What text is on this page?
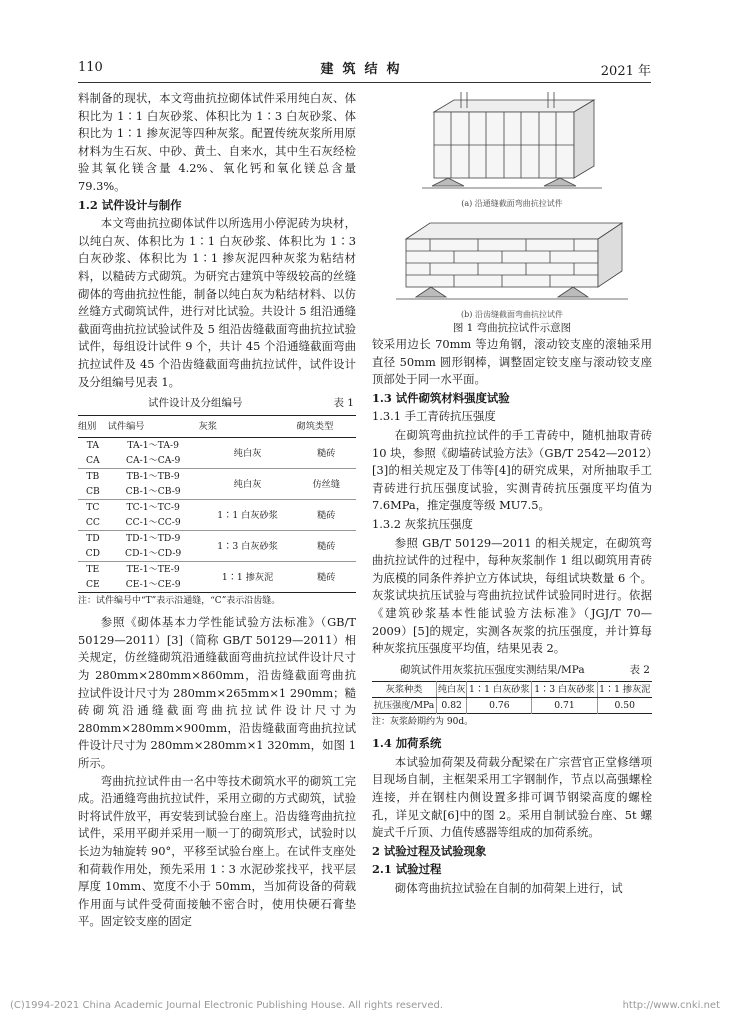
110	建筑结构	2021 年

料制备的现状，本文弯曲抗拉砌体试件采用纯白灰、体积比为 1∶1 白灰砂浆、体积比为 1∶3 白灰砂浆、体积比为 1∶1 掺灰泥等四种灰浆。配置传统灰浆所用原材料为生石灰、中砂、黄土、自来水，其中生石灰经检验其氧化镁含量 4.2%、氧化钙和氧化镁总含量 79.3%。

1.2 试件设计与制作

本文弯曲抗拉砌体试件以所选用小停泥砖为块材，以纯白灰、体积比为 1∶1 白灰砂浆、体积比为 1∶3 白灰砂浆、体积比为 1∶1 掺灰泥四种灰浆为粘结材料，以糙砖方式砌筑。为研究古建筑中等级较高的丝缝砌体的弯曲抗拉性能，制备以纯白灰为粘结材料、以仿丝缝方式砌筑试件，进行对比试验。共设计 5 组沿通缝截面弯曲抗拉试验试件及 5 组沿齿缝截面弯曲抗拉试验试件，每组设计试件 9 个，共计 45 个沿通缝截面弯曲抗拉试件及 45 个沿齿缝截面弯曲抗拉试件，试件设计及分组编号见表 1。

试件设计及分组编号	表 1
组别	试件编号	灰浆	砌筑类型
TA	TA-1～TA-9	纯白灰	糙砖
CA	CA-1～CA-9		
TB	TB-1～TB-9	纯白灰	仿丝缝
CB	CB-1～CB-9		
TC	TC-1～TC-9	1∶1 白灰砂浆	糙砖
CC	CC-1～CC-9		
TD	TD-1～TD-9	1∶3 白灰砂浆	糙砖
CD	CD-1～CD-9		
TE	TE-1～TE-9	1∶1 掺灰泥	糙砖
CE	CE-1～CE-9		

注：试件编号中“T”表示沿通缝，“C”表示沿齿缝。

参照《砌体基本力学性能试验方法标准》（GB/T 50129—2011）[3]（简称 GB/T 50129—2011）相关规定，仿丝缝砌筑沿通缝截面弯曲抗拉试件设计尺寸为 280mm×280mm×860mm，沿齿缝截面弯曲抗拉试件设计尺寸为 280mm×265mm×1 290mm；糙砖砌筑沿通缝截面弯曲抗拉试件设计尺寸为 280mm×280mm×900mm，沿齿缝截面弯曲抗拉试件设计尺寸为 280mm×280mm×1 320mm，如图 1 所示。

弯曲抗拉试件由一名中等技术砌筑水平的砌筑工完成。沿通缝弯曲抗拉试件，采用立砌的方式砌筑，试验时将试件放平，再安装到试验台座上。沿齿缝弯曲抗拉试件，采用平砌并采用一顺一丁的砌筑形式，试验时以长边为轴旋转 90°，平移至试验台座上。在试件支座处和荷载作用处，预先采用 1∶3 水泥砂浆找平，找平层厚度 10mm、宽度不小于 50mm，当加荷设备的荷载作用面与试件受荷面接触不密合时，使用快硬石膏垫平。固定铰支座的固定

(a) 沿通缝截面弯曲抗拉试件
(b) 沿齿缝截面弯曲抗拉试件
图 1 弯曲抗拉试件示意图

铰采用边长 70mm 等边角钢，滚动铰支座的滚轴采用直径 50mm 圆形钢棒，调整固定铰支座与滚动铰支座顶部处于同一水平面。

1.3 试件砌筑材料强度试验

1.3.1 手工青砖抗压强度

在砌筑弯曲抗拉试件的手工青砖中，随机抽取青砖 10 块，参照《砌墙砖试验方法》（GB/T 2542—2012）[3]的相关规定及丁伟等[4]的研究成果，对所抽取手工青砖进行抗压强度试验，实测青砖抗压强度平均值为 7.6MPa，推定强度等级 MU7.5。

1.3.2 灰浆抗压强度

参照 GB/T 50129—2011 的相关规定，在砌筑弯曲抗拉试件的过程中，每种灰浆制作 1 组以砌筑用青砖为底模的同条件养护立方体试块，每组试块数量 6 个。灰浆试块抗压试验与弯曲抗拉试件试验同时进行。依据《建筑砂浆基本性能试验方法标准》（JGJ/T 70—2009）[5]的规定，实测各灰浆的抗压强度，并计算每种灰浆抗压强度平均值，结果见表 2。

砌筑试件用灰浆抗压强度实测结果/MPa	表 2
灰浆种类	纯白灰	1∶1 白灰砂浆	1∶3 白灰砂浆	1∶1 掺灰泥
抗压强度/MPa	0.82	0.76	0.71	0.50

注：灰浆龄期约为 90d。

1.4 加荷系统

本试验加荷架及荷载分配梁在广宗营官正堂修缮项目现场自制，主框架采用工字钢制作，节点以高强螺栓连接，并在钢柱内侧设置多排可调节钢梁高度的螺栓孔，详见文献[6]中的图 2。采用自制试验台座、5t 螺旋式千斤顶、力值传感器等组成的加荷系统。

2 试验过程及试验现象

2.1 试验过程

砌体弯曲抗拉试验在自制的加荷架上进行，试

(C)1994-2021 China Academic Journal Electronic Publishing House. All rights reserved.	http://www.cnki.net
